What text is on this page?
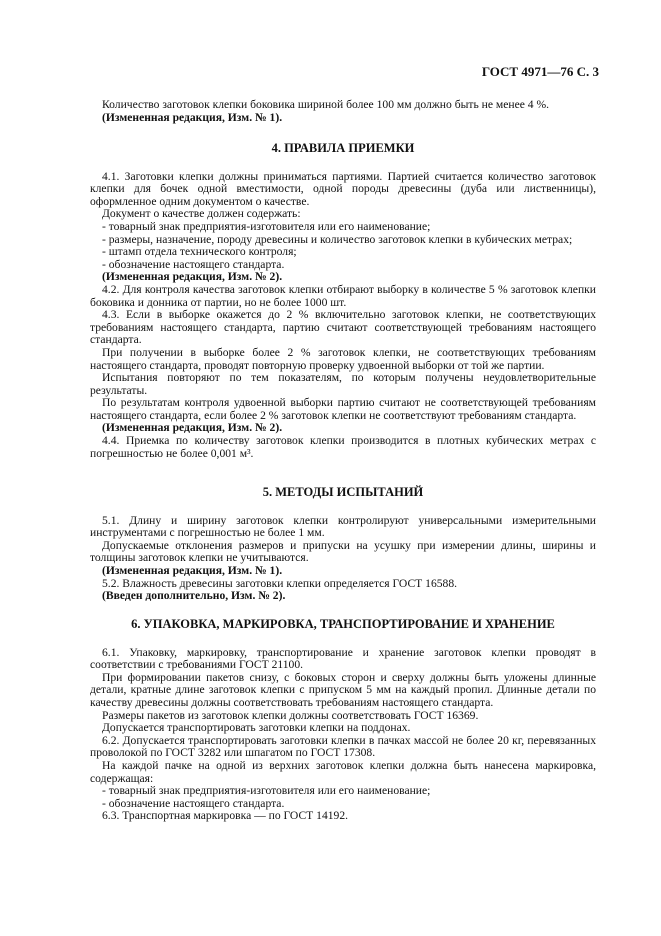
ГОСТ 4971—76 С. 3

Количество заготовок клепки боковика шириной более 100 мм должно быть не менее 4 %.

(Измененная редакция, Изм. № 1).

4. ПРАВИЛА ПРИЕМКИ

4.1. Заготовки клепки должны приниматься партиями. Партией считается количество заготовок клепки для бочек одной вместимости, одной породы древесины (дуба или лиственницы), оформленное одним документом о качестве.

Документ о качестве должен содержать:

- товарный знак предприятия-изготовителя или его наименование;

- размеры, назначение, породу древесины и количество заготовок клепки в кубических метрах;

- штамп отдела технического контроля;

- обозначение настоящего стандарта.

(Измененная редакция, Изм. № 2).

4.2. Для контроля качества заготовок клепки отбирают выборку в количестве 5 % заготовок клепки боковика и донника от партии, но не более 1000 шт.

4.3. Если в выборке окажется до 2 % включительно заготовок клепки, не соответствующих требованиям настоящего стандарта, партию считают соответствующей требованиям настоящего стандарта.

При получении в выборке более 2 % заготовок клепки, не соответствующих требованиям настоящего стандарта, проводят повторную проверку удвоенной выборки от той же партии.

Испытания повторяют по тем показателям, по которым получены неудовлетворительные результаты.

По результатам контроля удвоенной выборки партию считают не соответствующей требованиям настоящего стандарта, если более 2 % заготовок клепки не соответствуют требованиям стандарта.

(Измененная редакция, Изм. № 2).

4.4. Приемка по количеству заготовок клепки производится в плотных кубических метрах с погрешностью не более 0,001 м³.

5. МЕТОДЫ ИСПЫТАНИЙ

5.1. Длину и ширину заготовок клепки контролируют универсальными измерительными инструментами с погрешностью не более 1 мм.

Допускаемые отклонения размеров и припуски на усушку при измерении длины, ширины и толщины заготовок клепки не учитываются.

(Измененная редакция, Изм. № 1).

5.2. Влажность древесины заготовки клепки определяется ГОСТ 16588.

(Введен дополнительно, Изм. № 2).

6. УПАКОВКА, МАРКИРОВКА, ТРАНСПОРТИРОВАНИЕ И ХРАНЕНИЕ

6.1. Упаковку, маркировку, транспортирование и хранение заготовок клепки проводят в соответствии с требованиями ГОСТ 21100.

При формировании пакетов снизу, с боковых сторон и сверху должны быть уложены длинные детали, кратные длине заготовок клепки с припуском 5 мм на каждый пропил. Длинные детали по качеству древесины должны соответствовать требованиям настоящего стандарта.

Размеры пакетов из заготовок клепки должны соответствовать ГОСТ 16369.

Допускается транспортировать заготовки клепки на поддонах.

6.2. Допускается транспортировать заготовки клепки в пачках массой не более 20 кг, перевязанных проволокой по ГОСТ 3282 или шпагатом по ГОСТ 17308.

На каждой пачке на одной из верхних заготовок клепки должна быть нанесена маркировка, содержащая:

- товарный знак предприятия-изготовителя или его наименование;

- обозначение настоящего стандарта.

6.3. Транспортная маркировка — по ГОСТ 14192.
